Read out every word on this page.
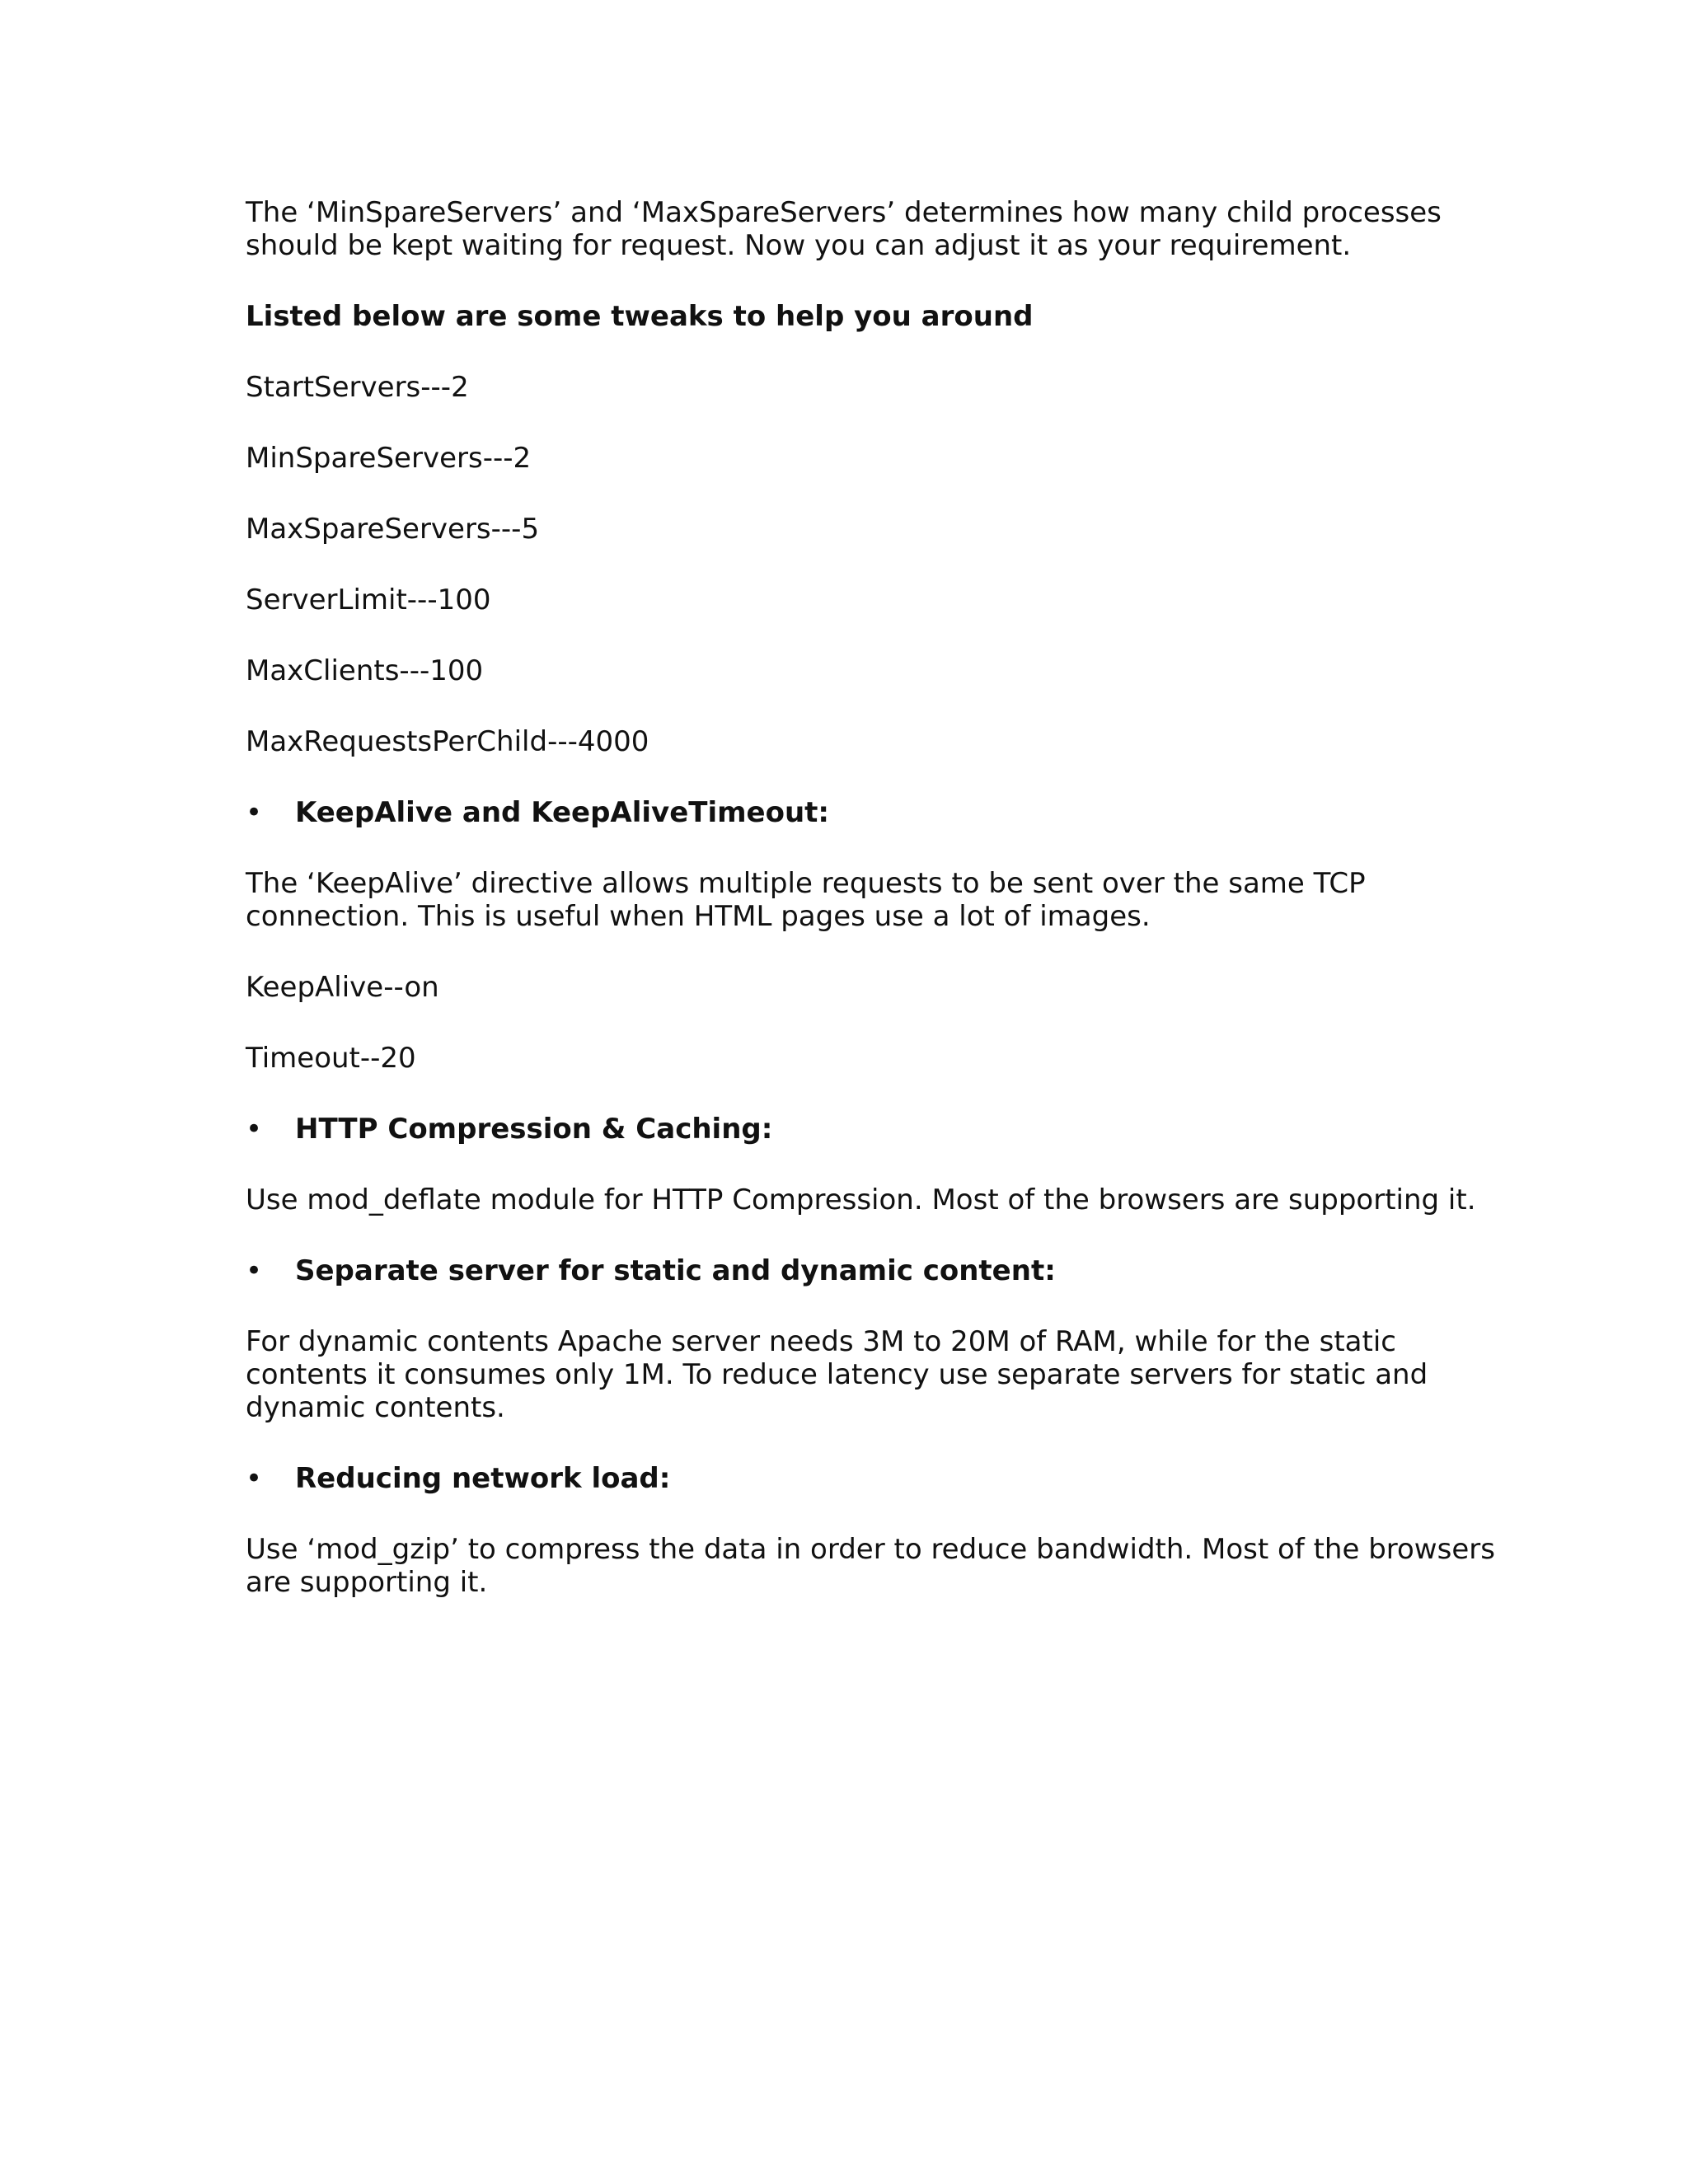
The ‘MinSpareServers’ and ‘MaxSpareServers’ determines how many child processes should be kept waiting for request. Now you can adjust it as your requirement.

Listed below are some tweaks to help you around

StartServers---2

MinSpareServers---2

MaxSpareServers---5

ServerLimit---100

MaxClients---100

MaxRequestsPerChild---4000

•	KeepAlive and KeepAliveTimeout:

The ‘KeepAlive’ directive allows multiple requests to be sent over the same TCP connection. This is useful when HTML pages use a lot of images.

KeepAlive--on

Timeout--20

•	HTTP Compression & Caching:

Use mod_deflate module for HTTP Compression. Most of the browsers are supporting it.

•	Separate server for static and dynamic content:

For dynamic contents Apache server needs 3M to 20M of RAM, while for the static contents it consumes only 1M. To reduce latency use separate servers for static and dynamic contents.

•	Reducing network load:

Use ‘mod_gzip’ to compress the data in order to reduce bandwidth. Most of the browsers are supporting it.
